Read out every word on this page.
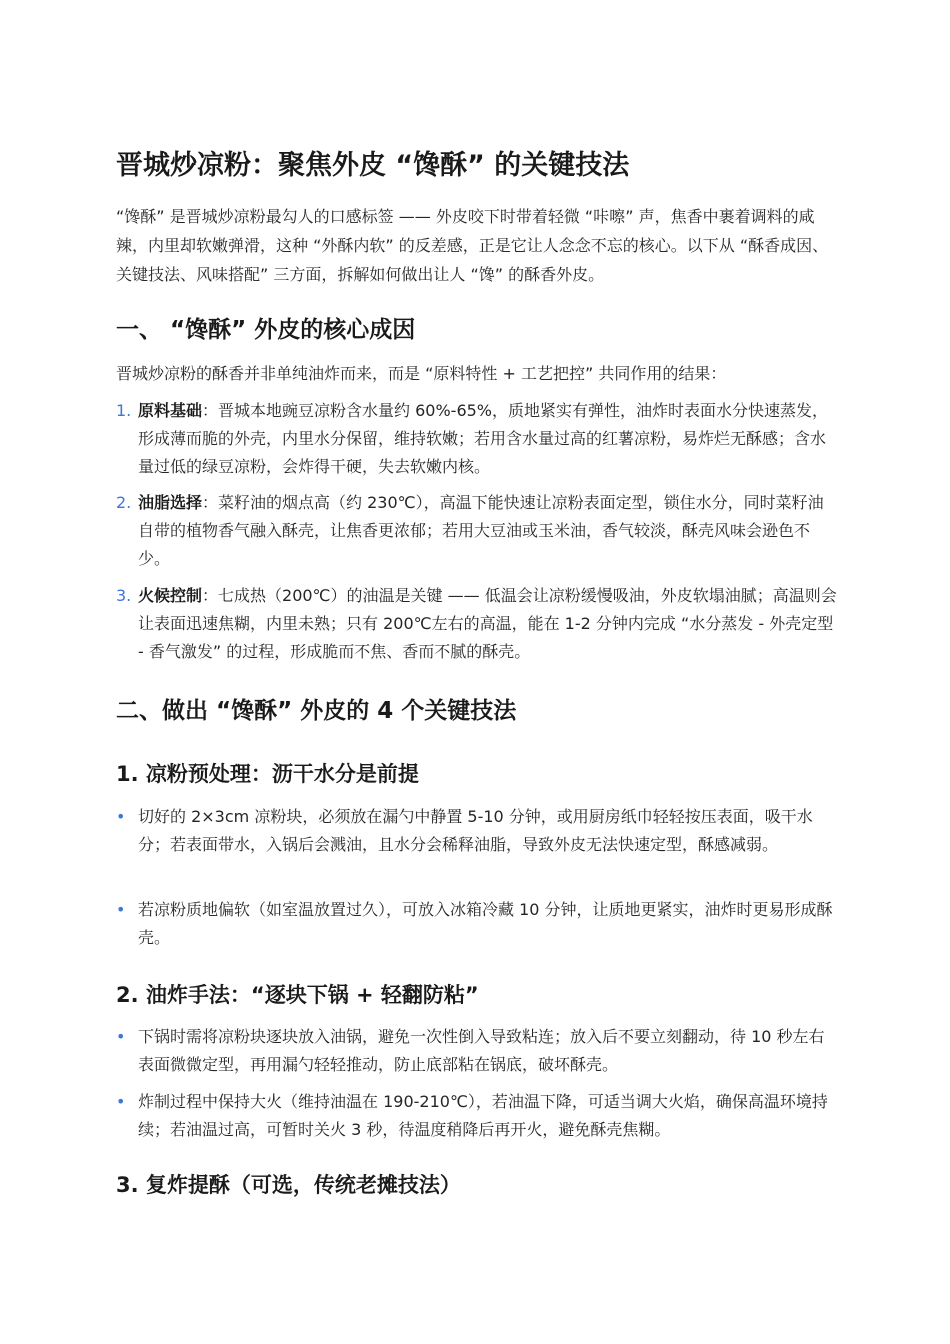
晋城炒凉粉：聚焦外皮 “馋酥” 的关键技法

“馋酥” 是晋城炒凉粉最勾人的口感标签 —— 外皮咬下时带着轻微 “咔嚓” 声，焦香中裹着调料的咸辣，内里却软嫩弹滑，这种 “外酥内软” 的反差感，正是它让人念念不忘的核心。以下从 “酥香成因、关键技法、风味搭配” 三方面，拆解如何做出让人 “馋” 的酥香外皮。

一、 “馋酥” 外皮的核心成因

晋城炒凉粉的酥香并非单纯油炸而来，而是 “原料特性 + 工艺把控” 共同作用的结果：

1. 原料基础：晋城本地豌豆凉粉含水量约 60%-65%，质地紧实有弹性，油炸时表面水分快速蒸发，形成薄而脆的外壳，内里水分保留，维持软嫩；若用含水量过高的红薯凉粉，易炸烂无酥感；含水量过低的绿豆凉粉，会炸得干硬，失去软嫩内核。
2. 油脂选择：菜籽油的烟点高（约 230℃），高温下能快速让凉粉表面定型，锁住水分，同时菜籽油自带的植物香气融入酥壳，让焦香更浓郁；若用大豆油或玉米油，香气较淡，酥壳风味会逊色不少。
3. 火候控制：七成热（200℃）的油温是关键 —— 低温会让凉粉缓慢吸油，外皮软塌油腻；高温则会让表面迅速焦糊，内里未熟；只有 200℃左右的高温，能在 1-2 分钟内完成 “水分蒸发 - 外壳定型 - 香气激发” 的过程，形成脆而不焦、香而不腻的酥壳。
二、做出 “馋酥” 外皮的 4 个关键技法
1. 凉粉预处理：沥干水分是前提
• 切好的 2×3cm 凉粉块，必须放在漏勺中静置 5-10 分钟，或用厨房纸巾轻轻按压表面，吸干水分；若表面带水，入锅后会溅油，且水分会稀释油脂，导致外皮无法快速定型，酥感减弱。
• 若凉粉质地偏软（如室温放置过久），可放入冰箱冷藏 10 分钟，让质地更紧实，油炸时更易形成酥壳。
2. 油炸手法：“逐块下锅 + 轻翻防粘”
• 下锅时需将凉粉块逐块放入油锅，避免一次性倒入导致粘连；放入后不要立刻翻动，待 10 秒左右表面微微定型，再用漏勺轻轻推动，防止底部粘在锅底，破坏酥壳。
• 炸制过程中保持大火（维持油温在 190-210℃），若油温下降，可适当调大火焰，确保高温环境持续；若油温过高，可暂时关火 3 秒，待温度稍降后再开火，避免酥壳焦糊。
3. 复炸提酥（可选，传统老摊技法）
